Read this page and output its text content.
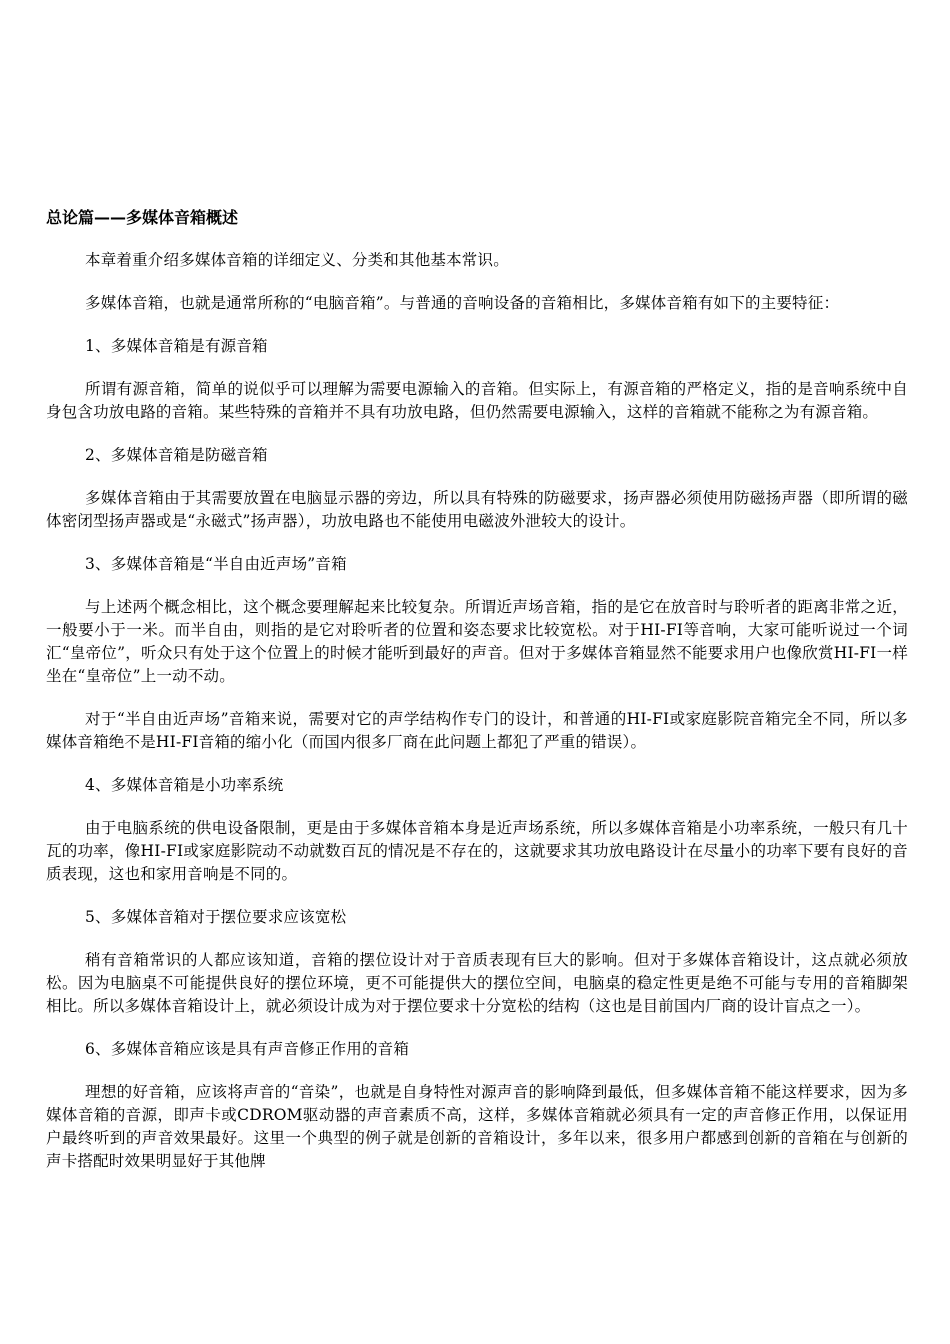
总论篇——多媒体音箱概述
本章着重介绍多媒体音箱的详细定义、分类和其他基本常识。
多媒体音箱，也就是通常所称的“电脑音箱”。与普通的音响设备的音箱相比，多媒体音箱有如下的主要特征：
1、多媒体音箱是有源音箱
所谓有源音箱，简单的说似乎可以理解为需要电源输入的音箱。但实际上，有源音箱的严格定义，指的是音响系统中自身包含功放电路的音箱。某些特殊的音箱并不具有功放电路，但仍然需要电源输入，这样的音箱就不能称之为有源音箱。
2、多媒体音箱是防磁音箱
多媒体音箱由于其需要放置在电脑显示器的旁边，所以具有特殊的防磁要求，扬声器必须使用防磁扬声器（即所谓的磁体密闭型扬声器或是“永磁式”扬声器），功放电路也不能使用电磁波外泄较大的设计。
3、多媒体音箱是“半自由近声场”音箱
与上述两个概念相比，这个概念要理解起来比较复杂。所谓近声场音箱，指的是它在放音时与聆听者的距离非常之近，一般要小于一米。而半自由，则指的是它对聆听者的位置和姿态要求比较宽松。对于HI-FI等音响，大家可能听说过一个词汇“皇帝位”，听众只有处于这个位置上的时候才能听到最好的声音。但对于多媒体音箱显然不能要求用户也像欣赏HI-FI一样坐在“皇帝位”上一动不动。
对于“半自由近声场”音箱来说，需要对它的声学结构作专门的设计，和普通的HI-FI或家庭影院音箱完全不同，所以多媒体音箱绝不是HI-FI音箱的缩小化（而国内很多厂商在此问题上都犯了严重的错误）。
4、多媒体音箱是小功率系统
由于电脑系统的供电设备限制，更是由于多媒体音箱本身是近声场系统，所以多媒体音箱是小功率系统，一般只有几十瓦的功率，像HI-FI或家庭影院动不动就数百瓦的情况是不存在的，这就要求其功放电路设计在尽量小的功率下要有良好的音质表现，这也和家用音响是不同的。
5、多媒体音箱对于摆位要求应该宽松
稍有音箱常识的人都应该知道，音箱的摆位设计对于音质表现有巨大的影响。但对于多媒体音箱设计，这点就必须放松。因为电脑桌不可能提供良好的摆位环境，更不可能提供大的摆位空间，电脑桌的稳定性更是绝不可能与专用的音箱脚架相比。所以多媒体音箱设计上，就必须设计成为对于摆位要求十分宽松的结构（这也是目前国内厂商的设计盲点之一）。
6、多媒体音箱应该是具有声音修正作用的音箱
理想的好音箱，应该将声音的“音染”，也就是自身特性对源声音的影响降到最低，但多媒体音箱不能这样要求，因为多媒体音箱的音源，即声卡或CDROM驱动器的声音素质不高，这样，多媒体音箱就必须具有一定的声音修正作用，以保证用户最终听到的声音效果最好。这里一个典型的例子就是创新的音箱设计，多年以来，很多用户都感到创新的音箱在与创新的声卡搭配时效果明显好于其他牌
